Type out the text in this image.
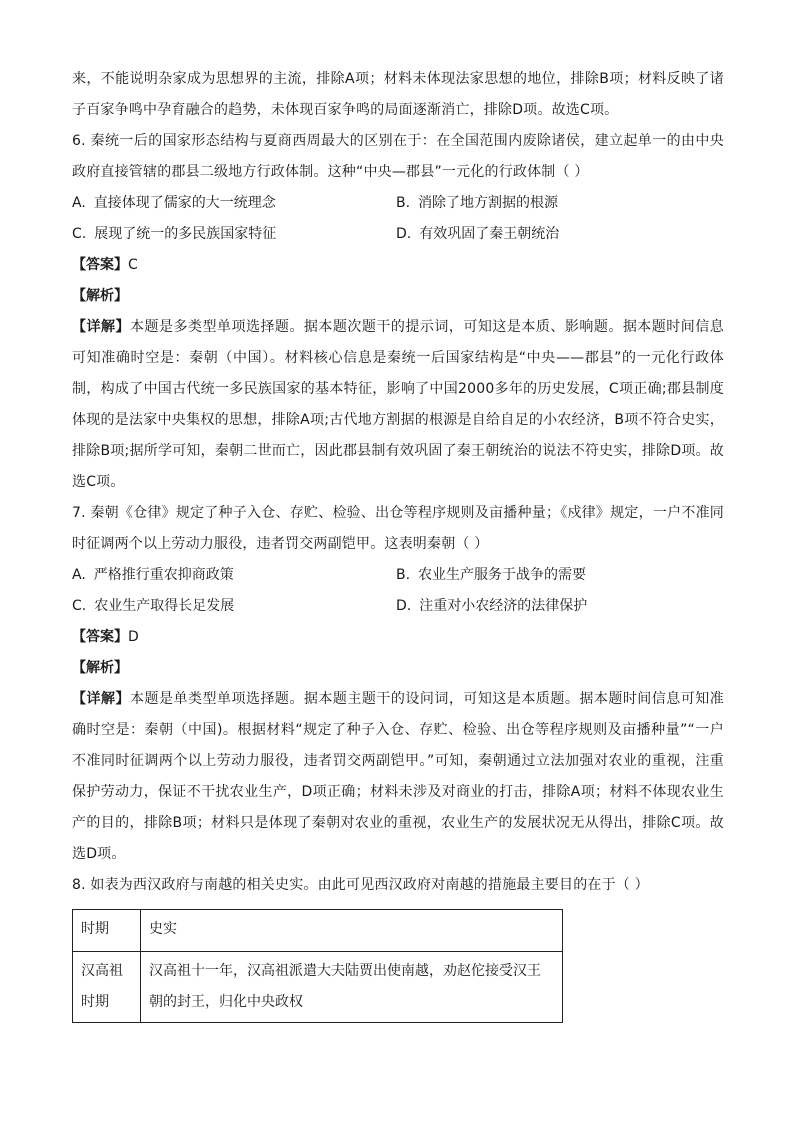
来，不能说明杂家成为思想界的主流，排除A项；材料未体现法家思想的地位，排除B项；材料反映了诸子百家争鸣中孕育融合的趋势，未体现百家争鸣的局面逐渐消亡，排除D项。故选C项。

6. 秦统一后的国家形态结构与夏商西周最大的区别在于：在全国范围内废除诸侯，建立起单一的由中央政府直接管辖的郡县二级地方行政体制。这种“中央—郡县”一元化的行政体制（ ）

A. 直接体现了儒家的大一统理念	B. 消除了地方割据的根源
C. 展现了统一的多民族国家特征	D. 有效巩固了秦王朝统治
【答案】C
【解析】

【详解】本题是多类型单项选择题。据本题次题干的提示词，可知这是本质、影响题。据本题时间信息可知准确时空是：秦朝（中国）。材料核心信息是秦统一后国家结构是“中央——郡县”的一元化行政体制，构成了中国古代统一多民族国家的基本特征，影响了中国2000多年的历史发展，C项正确;郡县制度体现的是法家中央集权的思想，排除A项;古代地方割据的根源是自给自足的小农经济，B项不符合史实，排除B项;据所学可知，秦朝二世而亡，因此郡县制有效巩固了秦王朝统治的说法不符史实，排除D项。故选C项。

7. 秦朝《仓律》规定了种子入仓、存贮、检验、出仓等程序规则及亩播种量；《戍律》规定，一户不准同时征调两个以上劳动力服役，违者罚交两副铠甲。这表明秦朝（ ）

A. 严格推行重农抑商政策	B. 农业生产服务于战争的需要
C. 农业生产取得长足发展	D. 注重对小农经济的法律保护
【答案】D
【解析】

【详解】本题是单类型单项选择题。据本题主题干的设问词，可知这是本质题。据本题时间信息可知准确时空是：秦朝（中国)。根据材料“规定了种子入仓、存贮、检验、出仓等程序规则及亩播种量”“一户不准同时征调两个以上劳动力服役，违者罚交两副铠甲。”可知，秦朝通过立法加强对农业的重视，注重保护劳动力，保证不干扰农业生产，D项正确；材料未涉及对商业的打击，排除A项；材料不体现农业生产的目的，排除B项；材料只是体现了秦朝对农业的重视，农业生产的发展状况无从得出，排除C项。故选D项。

8. 如表为西汉政府与南越的相关史实。由此可见西汉政府对南越的措施最主要目的在于（ ）

时期	史实
汉高祖时期	汉高祖十一年，汉高祖派遣大夫陆贾出使南越，劝赵佗接受汉王朝的封王，归化中央政权
